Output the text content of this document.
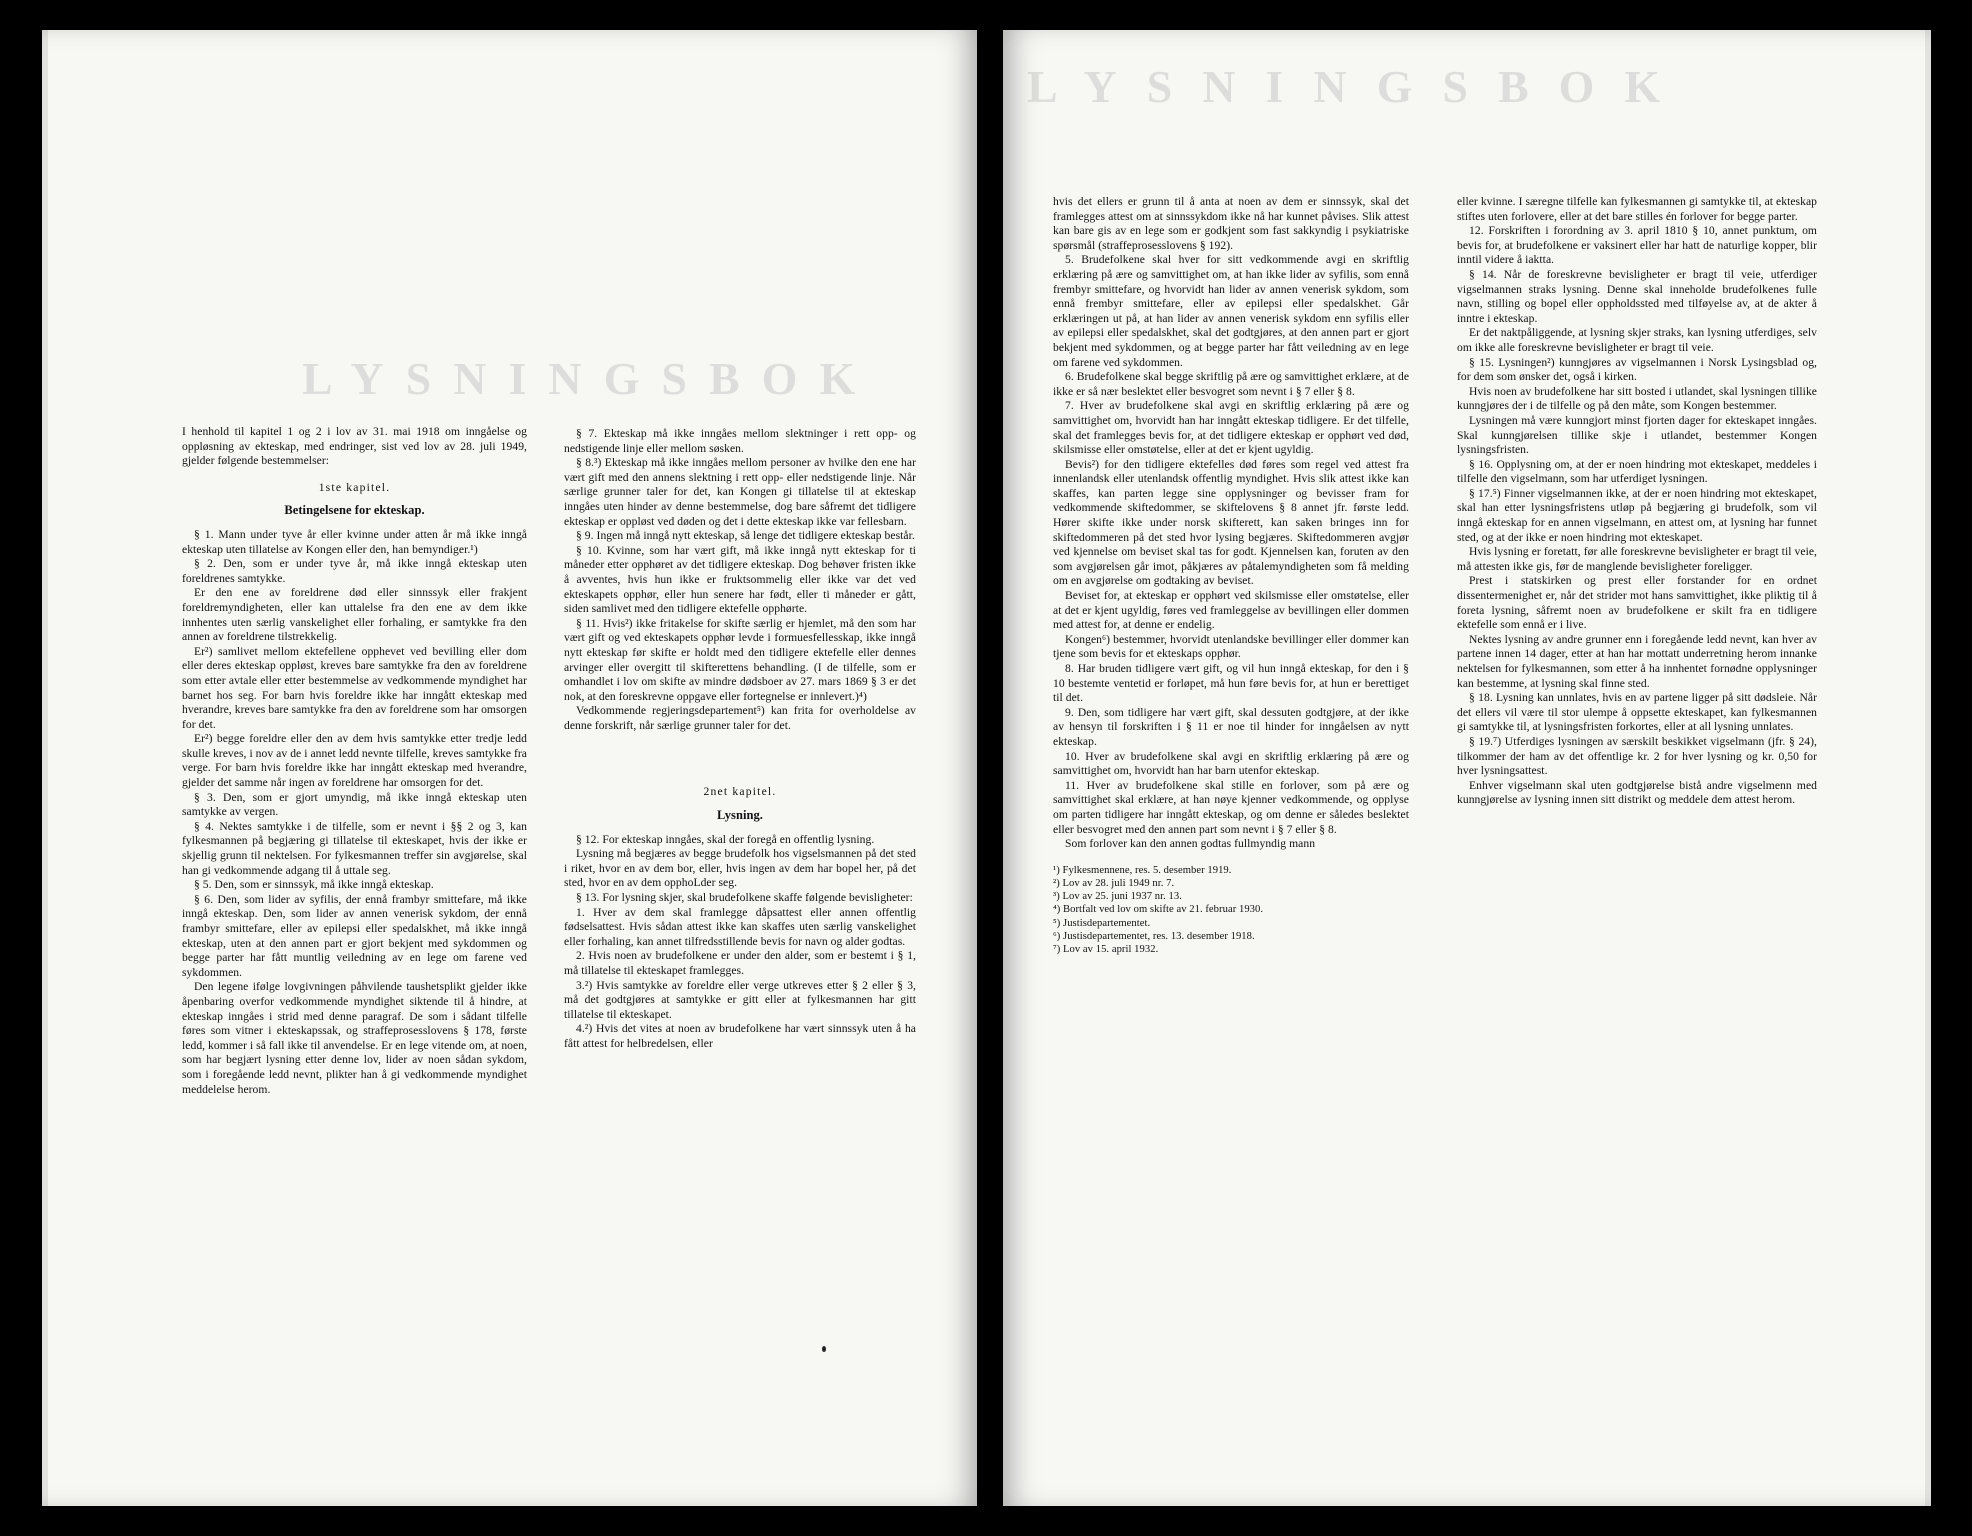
LYSNINGSBOK

I henhold til kapitel 1 og 2 i lov av 31. mai 1918 om inngåelse og oppløsning av ekteskap, med endringer, sist ved lov av 28. juli 1949, gjelder følgende bestemmelser:

1ste kapitel.
Betingelsene for ekteskap.

§ 1. Mann under tyve år eller kvinne under atten år må ikke inngå ekteskap uten tillatelse av Kongen eller den, han bemyndiger.¹)

§ 2. Den, som er under tyve år, må ikke inngå ekteskap uten foreldrenes samtykke.

Er den ene av foreldrene død eller sinnssyk eller frakjent foreldremyndigheten, eller kan uttalelse fra den ene av dem ikke innhentes uten særlig vanskelighet eller forhaling, er samtykke fra den annen av foreldrene tilstrekkelig.

Er²) samlivet mellom ektefellene opphevet ved bevilling eller dom eller deres ekteskap oppløst, kreves bare samtykke fra den av foreldrene som etter avtale eller etter bestemmelse av vedkommende myndighet har barnet hos seg. For barn hvis foreldre ikke har inngått ekteskap med hverandre, kreves bare samtykke fra den av foreldrene som har omsorgen for det.

Er²) begge foreldre eller den av dem hvis samtykke etter tredje ledd skulle kreves, i nov av de i annet ledd nevnte tilfelle, kreves samtykke fra verge. For barn hvis foreldre ikke har inngått ekteskap med hverandre, gjelder det samme når ingen av foreldrene har omsorgen for det.

§ 3. Den, som er gjort umyndig, må ikke inngå ekteskap uten samtykke av vergen.

§ 4. Nektes samtykke i de tilfelle, som er nevnt i §§ 2 og 3, kan fylkesmannen på begjæring gi tillatelse til ekteskapet, hvis der ikke er skjellig grunn til nektelsen. For fylkesmannen treffer sin avgjørelse, skal han gi vedkommende adgang til å uttale seg.

§ 5. Den, som er sinnssyk, må ikke inngå ekteskap.

§ 6. Den, som lider av syfilis, der ennå frambyr smittefare, må ikke inngå ekteskap. Den, som lider av annen venerisk sykdom, der ennå frambyr smittefare, eller av epilepsi eller spedalskhet, må ikke inngå ekteskap, uten at den annen part er gjort bekjent med sykdommen og begge parter har fått muntlig veiledning av en lege om farene ved sykdommen.

Den legene ifølge lovgivningen påhvilende taushetsplikt gjelder ikke åpenbaring overfor vedkommende myndighet siktende til å hindre, at ekteskap inngåes i strid med denne paragraf. De som i sådant tilfelle føres som vitner i ekteskapssak, og straffeprosesslovens § 178, første ledd, kommer i så fall ikke til anvendelse. Er en lege vitende om, at noen, som har begjært lysning etter denne lov, lider av noen sådan sykdom, som i foregående ledd nevnt, plikter han å gi vedkommende myndighet meddelelse herom.

§ 7. Ekteskap må ikke inngåes mellom slektninger i rett opp- og nedstigende linje eller mellom søsken.

§ 8.³) Ekteskap må ikke inngåes mellom personer av hvilke den ene har vært gift med den annens slektning i rett opp- eller nedstigende linje. Når særlige grunner taler for det, kan Kongen gi tillatelse til at ekteskap inngåes uten hinder av denne bestemmelse, dog bare såfremt det tidligere ekteskap er oppløst ved døden og det i dette ekteskap ikke var fellesbarn.

§ 9. Ingen må inngå nytt ekteskap, så lenge det tidligere ekteskap består.

§ 10. Kvinne, som har vært gift, må ikke inngå nytt ekteskap for ti måneder etter opphøret av det tidligere ekteskap. Dog behøver fristen ikke å avventes, hvis hun ikke er fruktsommelig eller ikke var det ved ekteskapets opphør, eller hun senere har født, eller ti måneder er gått, siden samlivet med den tidligere ektefelle opphørte.

§ 11. Hvis²) ikke fritakelse for skifte særlig er hjemlet, må den som har vært gift og ved ekteskapets opphør levde i formuesfellesskap, ikke inngå nytt ekteskap før skifte er holdt med den tidligere ektefelle eller dennes arvinger eller overgitt til skifterettens behandling. (I de tilfelle, som er omhandlet i lov om skifte av mindre dødsboer av 27. mars 1869 § 3 er det nok, at den foreskrevne oppgave eller fortegnelse er innlevert.)⁴)

Vedkommende regjeringsdepartement⁵) kan frita for overholdelse av denne forskrift, når særlige grunner taler for det.

2net kapitel.
Lysning.

§ 12. For ekteskap inngåes, skal der foregå en offentlig lysning.

Lysning må begjæres av begge brudefolk hos vigselsmannen på det sted i riket, hvor en av dem bor, eller, hvis ingen av dem har bopel her, på det sted, hvor en av dem opphoLder seg.

§ 13. For lysning skjer, skal brudefolkene skaffe følgende bevisligheter:

1. Hver av dem skal framlegge dåpsattest eller annen offentlig fødselsattest. Hvis sådan attest ikke kan skaffes uten særlig vanskelighet eller forhaling, kan annet tilfredsstillende bevis for navn og alder godtas.

2. Hvis noen av brudefolkene er under den alder, som er bestemt i § 1, må tillatelse til ekteskapet framlegges.

3.²) Hvis samtykke av foreldre eller verge utkreves etter § 2 eller § 3, må det godtgjøres at samtykke er gitt eller at fylkesmannen har gitt tillatelse til ekteskapet.

4.²) Hvis det vites at noen av brudefolkene har vært sinnssyk uten å ha fått attest for helbredelsen, eller

LYSNINGSBOK

hvis det ellers er grunn til å anta at noen av dem er sinnssyk, skal det framlegges attest om at sinnssykdom ikke nå har kunnet påvises. Slik attest kan bare gis av en lege som er godkjent som fast sakkyndig i psykiatriske spørsmål (straffeprosesslovens § 192).

5. Brudefolkene skal hver for sitt vedkommende avgi en skriftlig erklæring på ære og samvittighet om, at han ikke lider av syfilis, som ennå frembyr smittefare, og hvorvidt han lider av annen venerisk sykdom, som ennå frembyr smittefare, eller av epilepsi eller spedalskhet. Går erklæringen ut på, at han lider av annen venerisk sykdom enn syfilis eller av epilepsi eller spedalskhet, skal det godtgjøres, at den annen part er gjort bekjent med sykdommen, og at begge parter har fått veiledning av en lege om farene ved sykdommen.

6. Brudefolkene skal begge skriftlig på ære og samvittighet erklære, at de ikke er så nær beslektet eller besvogret som nevnt i § 7 eller § 8.

7. Hver av brudefolkene skal avgi en skriftlig erklæring på ære og samvittighet om, hvorvidt han har inngått ekteskap tidligere. Er det tilfelle, skal det framlegges bevis for, at det tidligere ekteskap er opphørt ved død, skilsmisse eller omstøtelse, eller at det er kjent ugyldig.

Bevis²) for den tidligere ektefelles død føres som regel ved attest fra innenlandsk eller utenlandsk offentlig myndighet. Hvis slik attest ikke kan skaffes, kan parten legge sine opplysninger og bevisser fram for vedkommende skiftedommer, se skiftelovens § 8 annet jfr. første ledd. Hører skifte ikke under norsk skifterett, kan saken bringes inn for skiftedommeren på det sted hvor lysing begjæres. Skiftedommeren avgjør ved kjennelse om beviset skal tas for godt. Kjennelsen kan, foruten av den som avgjørelsen går imot, påkjæres av påtalemyndigheten som få melding om en avgjørelse om godtaking av beviset.

Beviset for, at ekteskap er opphørt ved skilsmisse eller omstøtelse, eller at det er kjent ugyldig, føres ved framleggelse av bevillingen eller dommen med attest for, at denne er endelig.

Kongen⁶) bestemmer, hvorvidt utenlandske bevillinger eller dommer kan tjene som bevis for et ekteskaps opphør.

8. Har bruden tidligere vært gift, og vil hun inngå ekteskap, for den i § 10 bestemte ventetid er forløpet, må hun føre bevis for, at hun er berettiget til det.

9. Den, som tidligere har vært gift, skal dessuten godtgjøre, at der ikke av hensyn til forskriften i § 11 er noe til hinder for inngåelsen av nytt ekteskap.

10. Hver av brudefolkene skal avgi en skriftlig erklæring på ære og samvittighet om, hvorvidt han har barn utenfor ekteskap.

11. Hver av brudefolkene skal stille en forlover, som på ære og samvittighet skal erklære, at han nøye kjenner vedkommende, og opplyse om parten tidligere har inngått ekteskap, og om denne er således beslektet eller besvogret med den annen part som nevnt i § 7 eller § 8.

Som forlover kan den annen godtas fullmyndig mann

¹) Fylkesmennene, res. 5. desember 1919.
²) Lov av 28. juli 1949 nr. 7.
³) Lov av 25. juni 1937 nr. 13.
⁴) Bortfalt ved lov om skifte av 21. februar 1930.
⁵) Justisdepartementet.
⁶) Justisdepartementet, res. 13. desember 1918.
⁷) Lov av 15. april 1932.

eller kvinne. I særegne tilfelle kan fylkesmannen gi samtykke til, at ekteskap stiftes uten forlovere, eller at det bare stilles én forlover for begge parter.

12. Forskriften i forordning av 3. april 1810 § 10, annet punktum, om bevis for, at brudefolkene er vaksinert eller har hatt de naturlige kopper, blir inntil videre å iaktta.

§ 14. Når de foreskrevne bevisligheter er bragt til veie, utferdiger vigselmannen straks lysning. Denne skal inneholde brudefolkenes fulle navn, stilling og bopel eller oppholdssted med tilføyelse av, at de akter å inntre i ekteskap.

Er det naktpåliggende, at lysning skjer straks, kan lysning utferdiges, selv om ikke alle foreskrevne bevisligheter er bragt til veie.

§ 15. Lysningen²) kunngjøres av vigselmannen i Norsk Lysingsblad og, for dem som ønsker det, også i kirken.

Hvis noen av brudefolkene har sitt bosted i utlandet, skal lysningen tillike kunngjøres der i de tilfelle og på den måte, som Kongen bestemmer.

Lysningen må være kunngjort minst fjorten dager for ekteskapet inngåes. Skal kunngjørelsen tillike skje i utlandet, bestemmer Kongen lysningsfristen.

§ 16. Opplysning om, at der er noen hindring mot ekteskapet, meddeles i tilfelle den vigselmann, som har utferdiget lysningen.

§ 17.⁵) Finner vigselmannen ikke, at der er noen hindring mot ekteskapet, skal han etter lysningsfristens utløp på begjæring gi brudefolk, som vil inngå ekteskap for en annen vigselmann, en attest om, at lysning har funnet sted, og at der ikke er noen hindring mot ekteskapet.

Hvis lysning er foretatt, før alle foreskrevne bevisligheter er bragt til veie, må attesten ikke gis, før de manglende bevisligheter foreligger.

Prest i statskirken og prest eller forstander for en ordnet dissentermenighet er, når det strider mot hans samvittighet, ikke pliktig til å foreta lysning, såfremt noen av brudefolkene er skilt fra en tidligere ektefelle som ennå er i live.

Nektes lysning av andre grunner enn i foregående ledd nevnt, kan hver av partene innen 14 dager, etter at han har mottatt underretning herom innanke nektelsen for fylkesmannen, som etter å ha innhentet fornødne opplysninger kan bestemme, at lysning skal finne sted.

§ 18. Lysning kan unnlates, hvis en av partene ligger på sitt dødsleie. Når det ellers vil være til stor ulempe å oppsette ekteskapet, kan fylkesmannen gi samtykke til, at lysningsfristen forkortes, eller at all lysning unnlates.

§ 19.⁷) Utferdiges lysningen av særskilt beskikket vigselmann (jfr. § 24), tilkommer der ham av det offentlige kr. 2 for hver lysning og kr. 0,50 for hver lysningsattest.

Enhver vigselmann skal uten godtgjørelse bistå andre vigselmenn med kunngjørelse av lysning innen sitt distrikt og meddele dem attest herom.
